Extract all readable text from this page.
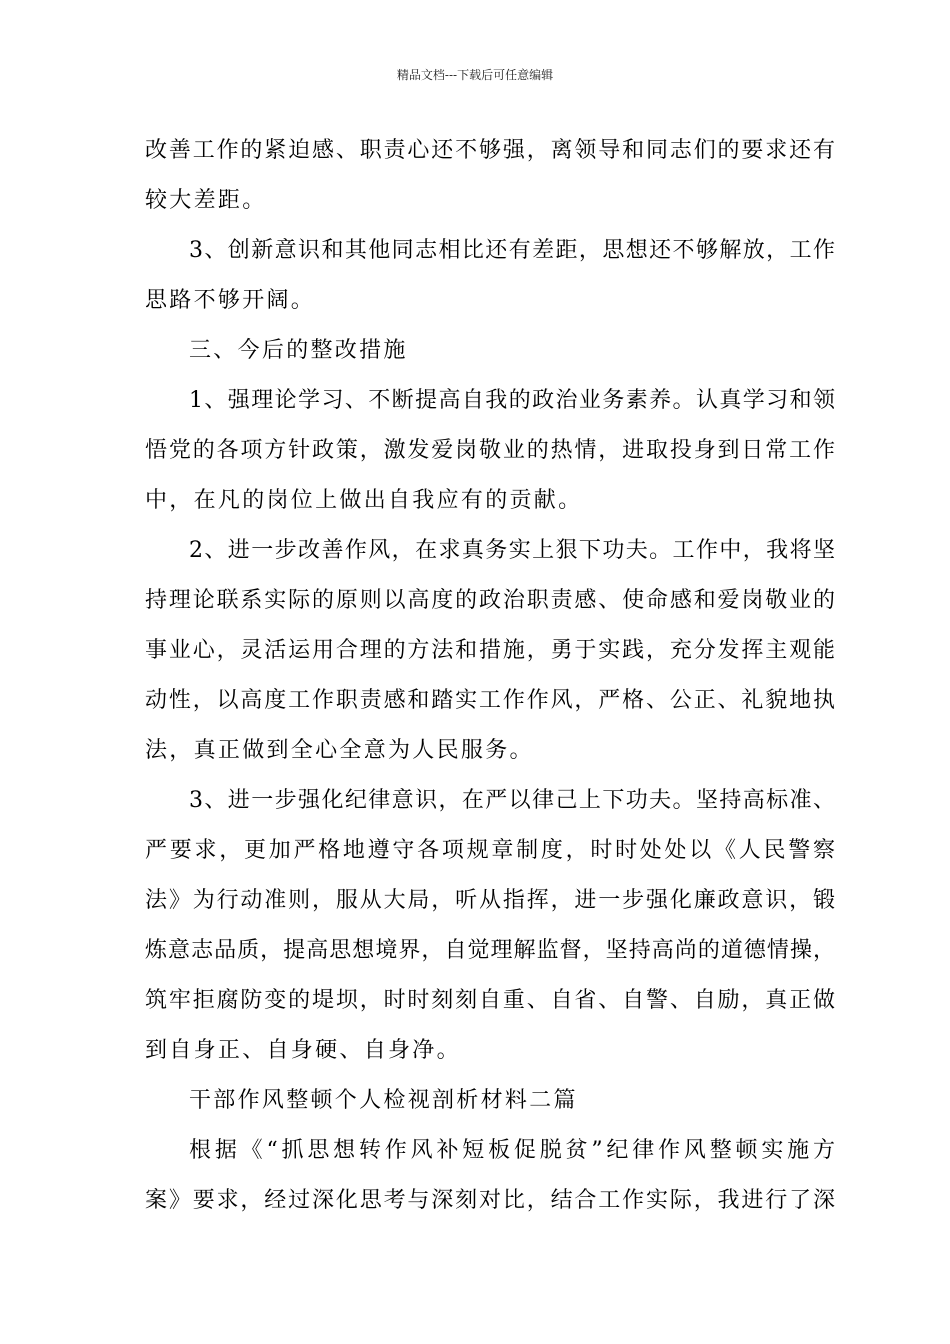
精品文档---下载后可任意编辑
改善工作的紧迫感、职责心还不够强，离领导和同志们的要求还有
较大差距。
3、创新意识和其他同志相比还有差距，思想还不够解放，工作
思路不够开阔。
三、今后的整改措施
1、强理论学习、不断提高自我的政治业务素养。认真学习和领
悟党的各项方针政策，激发爱岗敬业的热情，进取投身到日常工作
中，在凡的岗位上做出自我应有的贡献。
2、进一步改善作风，在求真务实上狠下功夫。工作中，我将坚
持理论联系实际的原则以高度的政治职责感、使命感和爱岗敬业的
事业心，灵活运用合理的方法和措施，勇于实践，充分发挥主观能
动性，以高度工作职责感和踏实工作作风，严格、公正、礼貌地执
法，真正做到全心全意为人民服务。
3、进一步强化纪律意识，在严以律己上下功夫。坚持高标准、
严要求，更加严格地遵守各项规章制度，时时处处以《人民警察
法》为行动准则，服从大局，听从指挥，进一步强化廉政意识，锻
炼意志品质，提高思想境界，自觉理解监督，坚持高尚的道德情操，
筑牢拒腐防变的堤坝，时时刻刻自重、自省、自警、自励，真正做
到自身正、自身硬、自身净。
干部作风整顿个人检视剖析材料二篇
根据《“抓思想转作风补短板促脱贫”纪律作风整顿实施方
案》要求，经过深化思考与深刻对比，结合工作实际，我进行了深
